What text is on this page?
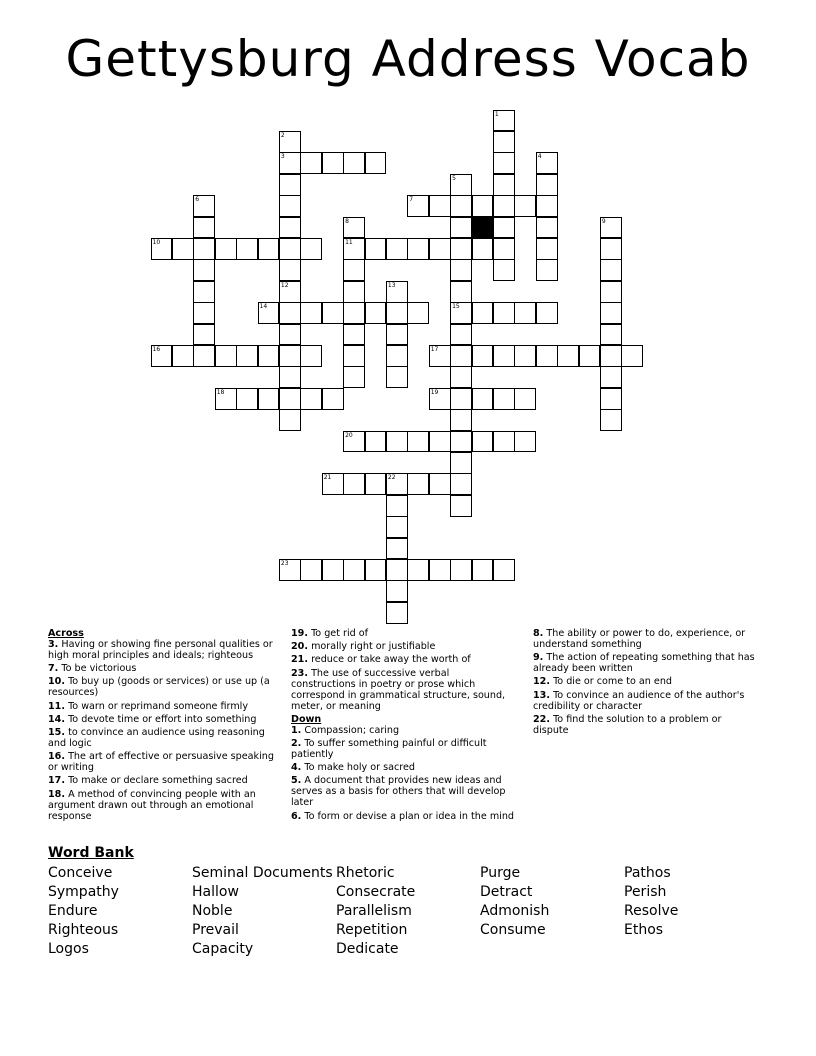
Gettysburg Address Vocab
1
2
3
12
4
5
15
6	7
8
11
9
10
13
14
16	17
18	19
20
21	22
23
Across
3. Having or showing fine personal qualities or high moral principles and ideals; righteous
7. To be victorious
10. To buy up (goods or services) or use up (a resources)
11. To warn or reprimand someone firmly
14. To devote time or effort into something
15. to convince an audience using reasoning and logic
16. The art of effective or persuasive speaking or writing
17. To make or declare something sacred
18. A method of convincing people with an argument drawn out through an emotional response
19. To get rid of
20. morally right or justifiable
21. reduce or take away the worth of
23. The use of successive verbal constructions in poetry or prose which correspond in grammatical structure, sound, meter, or meaning
Down
1. Compassion; caring
2. To suffer something painful or difficult patiently
4. To make holy or sacred
5. A document that provides new ideas and serves as a basis for others that will develop later
6. To form or devise a plan or idea in the mind
8. The ability or power to do, experience, or understand something
9. The action of repeating something that has already been written
12. To die or come to an end
13. To convince an audience of the author's credibility or character
22. To find the solution to a problem or dispute
Word Bank
Conceive
Sympathy
Endure
Righteous
Logos
Seminal Documents
Hallow
Noble
Prevail
Capacity
Rhetoric
Consecrate
Parallelism
Repetition
Dedicate
Purge
Detract
Admonish
Consume
Pathos
Perish
Resolve
Ethos
